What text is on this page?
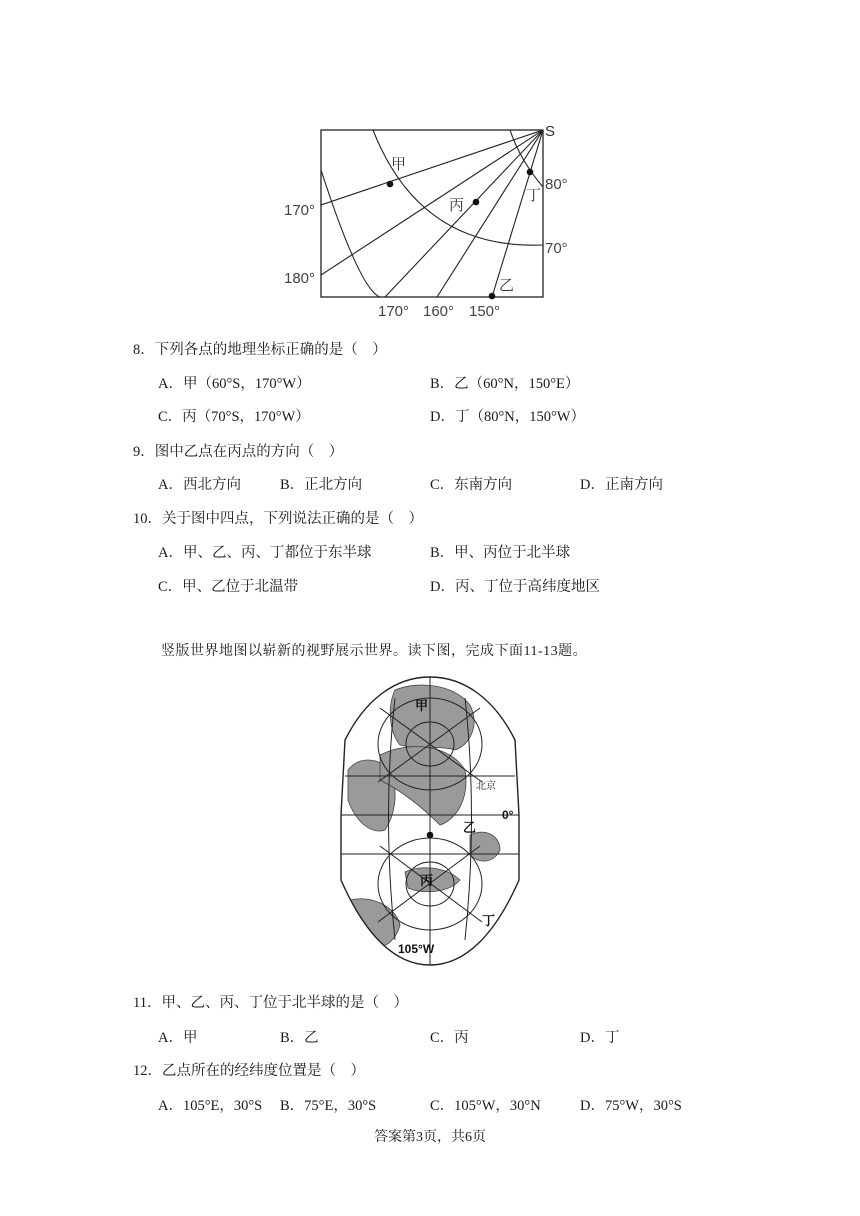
S
甲
丙
丁
乙
80°
70°
170°
180°
170° 160° 150°
8．下列各点的地理坐标正确的是（　）
A．甲（60°S，170°W）	B．乙（60°N，150°E）
C．丙（70°S，170°W）	D．丁（80°N，150°W）
9．图中乙点在丙点的方向（　）
A．西北方向	B．正北方向	C．东南方向	D．正南方向
10．关于图中四点，下列说法正确的是（　）
A．甲、乙、丙、丁都位于东半球	B．甲、丙位于北半球
C．甲、乙位于北温带	D．丙、丁位于高纬度地区
竖版世界地图以崭新的视野展示世界。读下图，完成下面11-13题。
甲
北京
0°
乙
丙
丁
105°W
11．甲、乙、丙、丁位于北半球的是（　）
A．甲	B．乙	C．丙	D．丁
12．乙点所在的经纬度位置是（　）
A．105°E，30°S B．75°E，30°S	C．105°W，30°N	D．75°W，30°S
答案第3页，共6页
